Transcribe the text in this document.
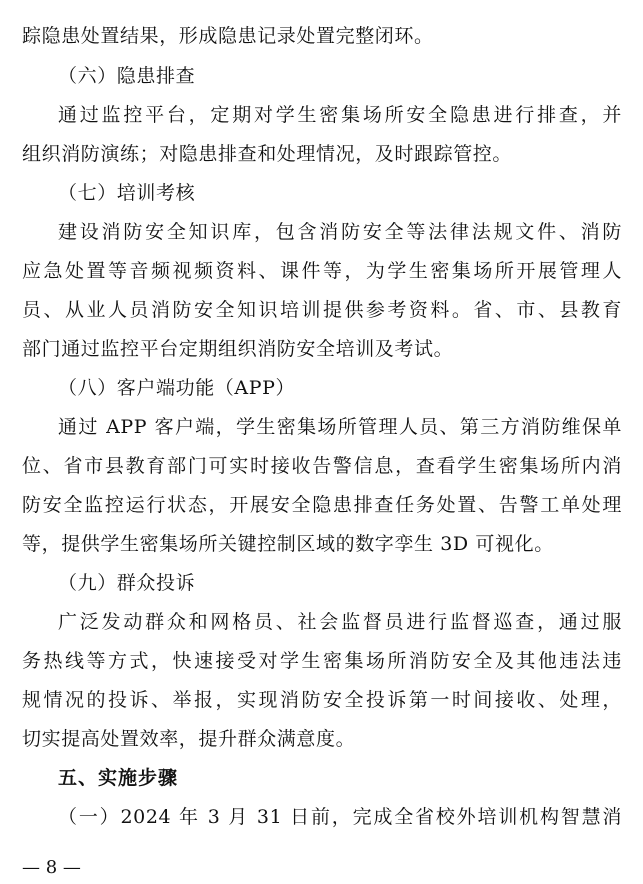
踪隐患处置结果，形成隐患记录处置完整闭环。
（六）隐患排查
通过监控平台，定期对学生密集场所安全隐患进行排查，并
组织消防演练；对隐患排查和处理情况，及时跟踪管控。
（七）培训考核
建设消防安全知识库，包含消防安全等法律法规文件、消防
应急处置等音频视频资料、课件等，为学生密集场所开展管理人
员、从业人员消防安全知识培训提供参考资料。省、市、县教育
部门通过监控平台定期组织消防安全培训及考试。
（八）客户端功能（APP）
通过 APP 客户端，学生密集场所管理人员、第三方消防维保单
位、省市县教育部门可实时接收告警信息，查看学生密集场所内消
防安全监控运行状态，开展安全隐患排查任务处置、告警工单处理
等，提供学生密集场所关键控制区域的数字孪生 3D 可视化。
（九）群众投诉
广泛发动群众和网格员、社会监督员进行监督巡查，通过服
务热线等方式，快速接受对学生密集场所消防安全及其他违法违
规情况的投诉、举报，实现消防安全投诉第一时间接收、处理，
切实提高处置效率，提升群众满意度。
五、实施步骤
（一）2024 年 3 月 31 日前，完成全省校外培训机构智慧消
— 8 —
